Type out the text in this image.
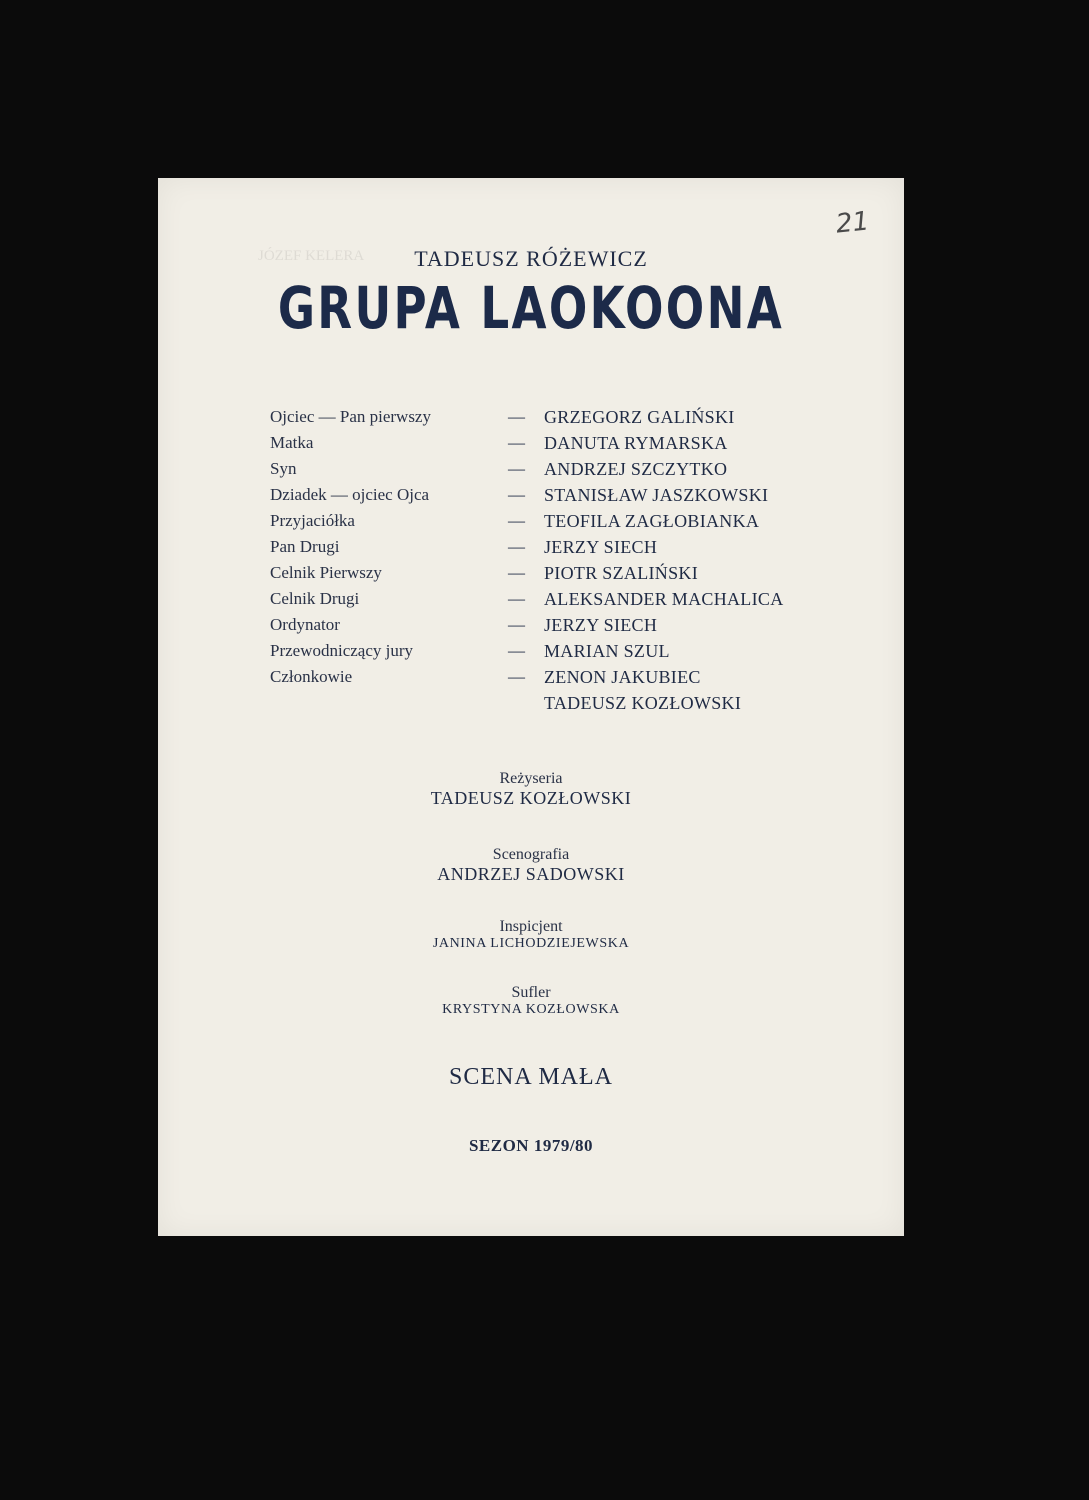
JÓZEF KELERA	TADEUSZ RÓŻEWICZ
GRUPA LAOKOONA
Ojciec — Pan pierwszy	— GRZEGORZ GALIŃSKI
Matka	— DANUTA RYMARSKA
Syn	— ANDRZEJ SZCZYTKO
Dziadek — ojciec Ojca	— STANISŁAW JASZKOWSKI
Przyjaciółka	— TEOFILA ZAGŁOBIANKA
Pan Drugi	— JERZY SIECH
Celnik Pierwszy	— PIOTR SZALIŃSKI
Celnik Drugi	— ALEKSANDER MACHALICA
Ordynator	— JERZY SIECH
Przewodniczący jury	— MARIAN SZUL
Członkowie	— ZENON JAKUBIEC
TADEUSZ KOZŁOWSKI
Reżyseria
TADEUSZ KOZŁOWSKI
Scenografia
ANDRZEJ SADOWSKI
Inspicjent
JANINA LICHODZIEJEWSKA
Sufler
KRYSTYNA KOZŁOWSKA
SCENA MAŁA
SEZON 1979/80
21
